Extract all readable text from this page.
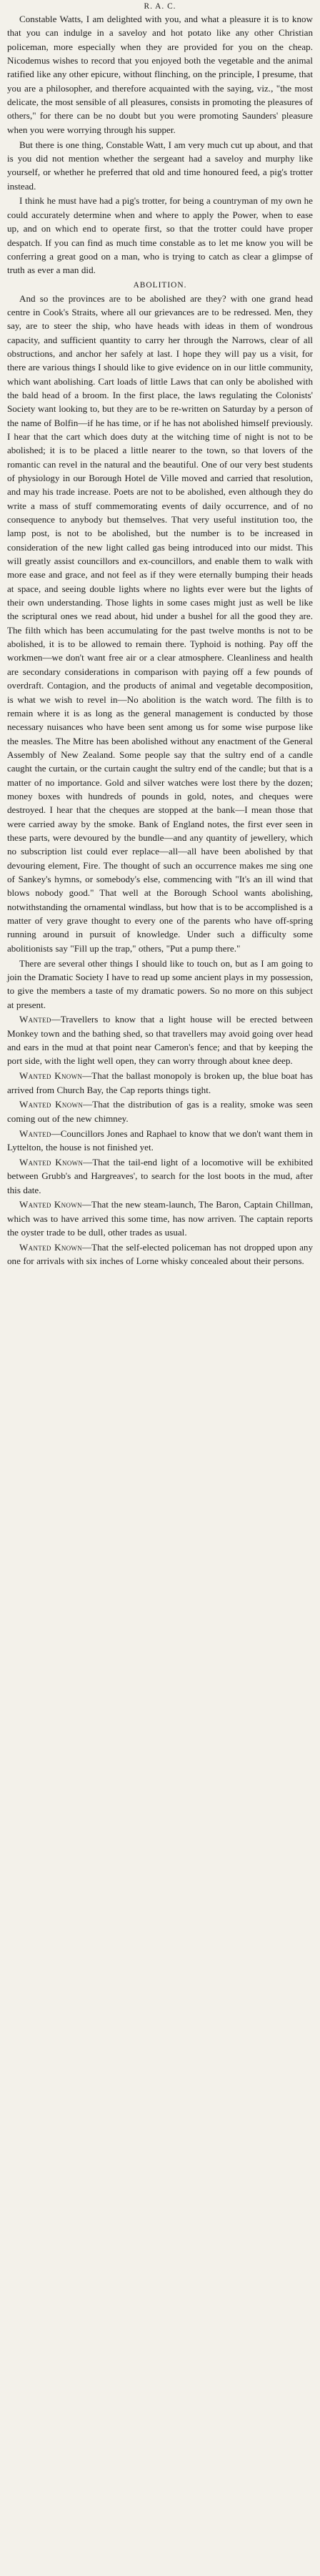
R. A. C.

Constable Watts, I am delighted with you, and what a pleasure it is to know that you can indulge in a saveloy and hot potato like any other Christian policeman, more especially when they are provided for you on the cheap. Nicodemus wishes to record that you enjoyed both the vegetable and the animal ratified like any other epicure, without flinching, on the principle, I presume, that you are a philosopher, and therefore acquainted with the saying, viz., "the most delicate, the most sensible of all pleasures, consists in promoting the pleasures of others," for there can be no doubt but you were promoting Saunders' pleasure when you were worrying through his supper.

But there is one thing, Constable Watt, I am very much cut up about, and that is you did not mention whether the sergeant had a saveloy and murphy like yourself, or whether he preferred that old and time honoured feed, a pig's trotter instead.

I think he must have had a pig's trotter, for being a countryman of my own he could accurately determine when and where to apply the Power, when to ease up, and on which end to operate first, so that the trotter could have proper despatch. If you can find as much time constable as to let me know you will be conferring a great good on a man, who is trying to catch as clear a glimpse of truth as ever a man did.

ABOLITION.

And so the provinces are to be abolished are they? with one grand head centre in Cook's Straits, where all our grievances are to be redressed. Men, they say, are to steer the ship, who have heads with ideas in them of wondrous capacity, and sufficient quantity to carry her through the Narrows, clear of all obstructions, and anchor her safely at last. I hope they will pay us a visit, for there are various things I should like to give evidence on in our little community, which want abolishing. Cart loads of little Laws that can only be abolished with the bald head of a broom. In the first place, the laws regulating the Colonists' Society want looking to, but they are to be re-written on Saturday by a person of the name of Bolfin—if he has time, or if he has not abolished himself previously. I hear that the cart which does duty at the witching time of night is not to be abolished; it is to be placed a little nearer to the town, so that lovers of the romantic can revel in the natural and the beautiful. One of our very best students of physiology in our Borough Hotel de Ville moved and carried that resolution, and may his trade increase. Poets are not to be abolished, even although they do write a mass of stuff commemorating events of daily occurrence, and of no consequence to anybody but themselves. That very useful institution too, the lamp post, is not to be abolished, but the number is to be increased in consideration of the new light called gas being introduced into our midst. This will greatly assist councillors and ex-councillors, and enable them to walk with more ease and grace, and not feel as if they were eternally bumping their heads at space, and seeing double lights where no lights ever were but the lights of their own understanding. Those lights in some cases might just as well be like the scriptural ones we read about, hid under a bushel for all the good they are. The filth which has been accumulating for the past twelve months is not to be abolished, it is to be allowed to remain there. Typhoid is nothing. Pay off the workmen—we don't want free air or a clear atmosphere. Cleanliness and health are secondary considerations in comparison with paying off a few pounds of overdraft. Contagion, and the products of animal and vegetable decomposition, is what we wish to revel in—No abolition is the watch word. The filth is to remain where it is as long as the general management is conducted by those necessary nuisances who have been sent among us for some wise purpose like the measles. The Mitre has been abolished without any enactment of the General Assembly of New Zealand. Some people say that the sultry end of a candle caught the curtain, or the curtain caught the sultry end of the candle; but that is a matter of no importance. Gold and silver watches were lost there by the dozen; money boxes with hundreds of pounds in gold, notes, and cheques were destroyed. I hear that the cheques are stopped at the bank—I mean those that were carried away by the smoke. Bank of England notes, the first ever seen in these parts, were devoured by the bundle—and any quantity of jewellery, which no subscription list could ever replace—all—all have been abolished by that devouring element, Fire. The thought of such an occurrence makes me sing one of Sankey's hymns, or somebody's else, commencing with "It's an ill wind that blows nobody good." That well at the Borough School wants abolishing, notwithstanding the ornamental windlass, but how that is to be accomplished is a matter of very grave thought to every one of the parents who have off-spring running around in pursuit of knowledge. Under such a difficulty some abolitionists say "Fill up the trap," others, "Put a pump there."

There are several other things I should like to touch on, but as I am going to join the Dramatic Society I have to read up some ancient plays in my possession, to give the members a taste of my dramatic powers. So no more on this subject at present.

Wanted—Travellers to know that a light house will be erected between Monkey town and the bathing shed, so that travellers may avoid going over head and ears in the mud at that point near Cameron's fence; and that by keeping the port side, with the light well open, they can worry through about knee deep.

Wanted Known—That the ballast monopoly is broken up, the blue boat has arrived from Church Bay, the Cap reports things tight.

Wanted Known—That the distribution of gas is a reality, smoke was seen coming out of the new chimney.

Wanted—Councillors Jones and Raphael to know that we don't want them in Lyttelton, the house is not finished yet.

Wanted Known—That the tail-end light of a locomotive will be exhibited between Grubb's and Hargreaves', to search for the lost boots in the mud, after this date.

Wanted Known—That the new steam-launch, The Baron, Captain Chillman, which was to have arrived this some time, has now arriven. The captain reports the oyster trade to be dull, other trades as usual.

Wanted Known—That the self-elected policeman has not dropped upon any one for arrivals with six inches of Lorne whisky concealed about their persons.
